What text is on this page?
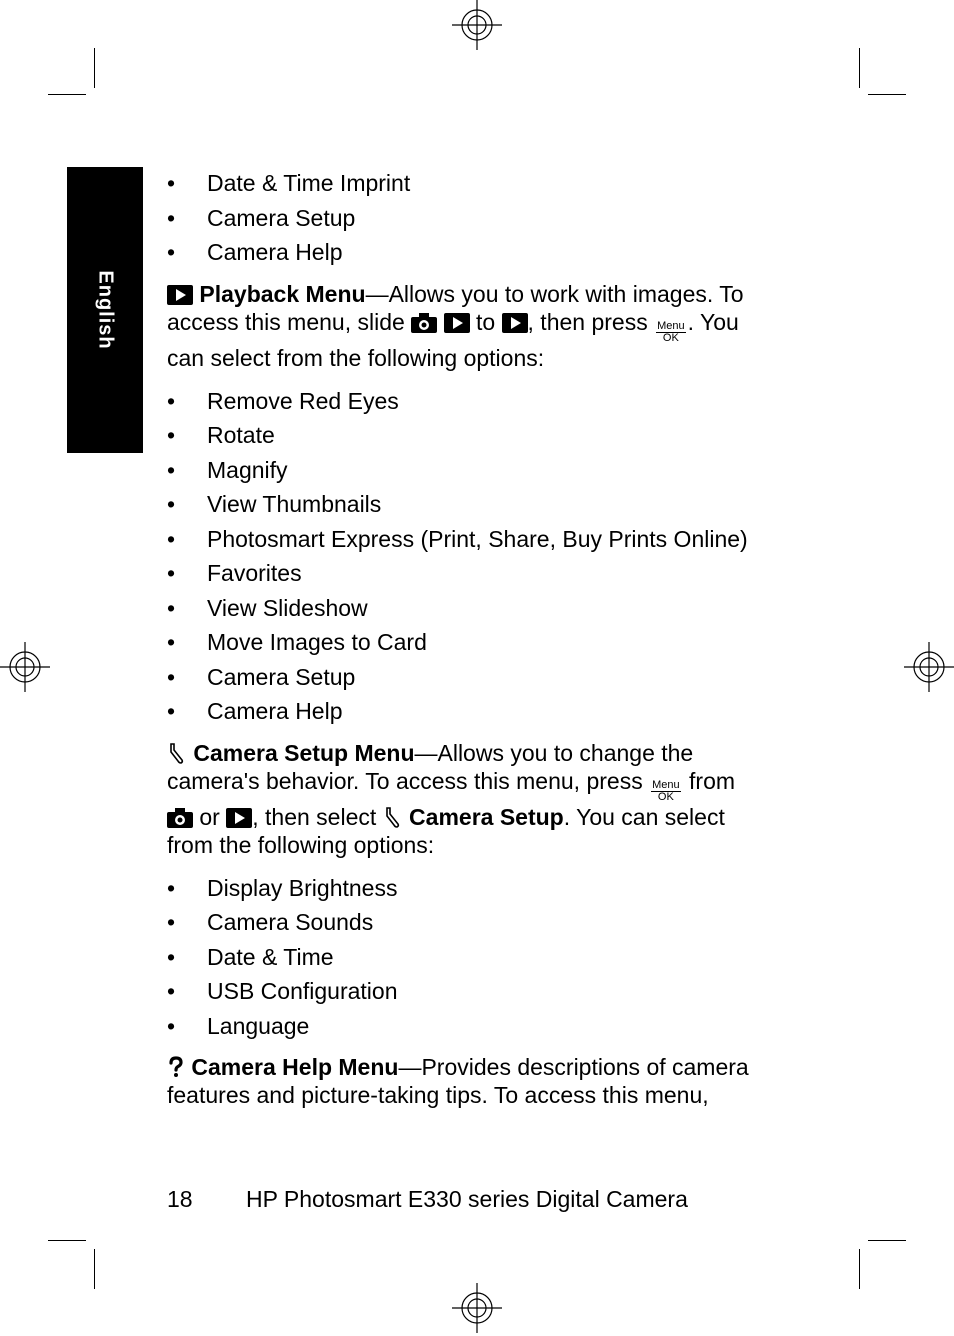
English
• Date & Time Imprint
• Camera Setup
• Camera Help

Playback Menu—Allows you to work with images. To access this menu, slide	to , then press Menu
OK
. You can select from the following options:

• Remove Red Eyes
• Rotate
• Magnify
• View Thumbnails
• Photosmart Express (Print, Share, Buy Prints Online)
• Favorites
• View Slideshow
• Move Images to Card
• Camera Setup
• Camera Help

Camera Setup Menu—Allows you to change the camera's behavior. To access this menu, press Menu
OK
from  or , then select Camera Setup. You can select from the following options:

• Display Brightness
• Camera Sounds
• Date & Time
• USB Configuration
• Language

Camera Help Menu—Provides descriptions of camera features and picture-taking tips. To access this menu,

18 HP Photosmart E330 series Digital Camera
